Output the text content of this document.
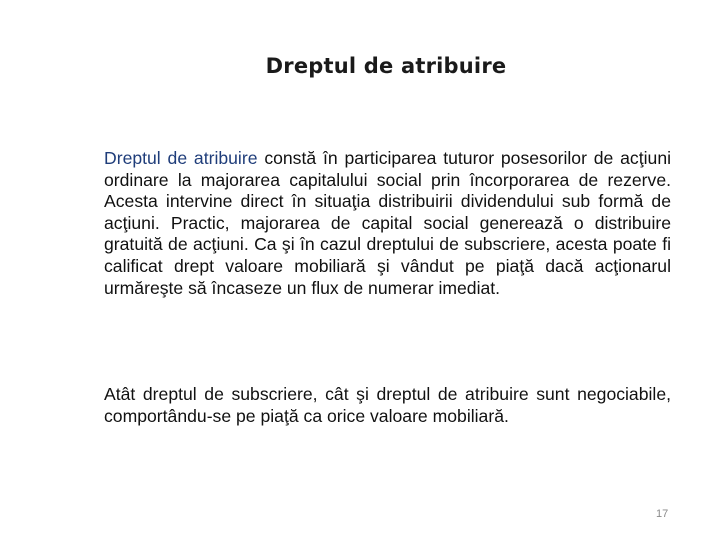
Dreptul de atribuire
Dreptul de atribuire constă în participarea tuturor posesorilor de acţiuni ordinare la majorarea capitalului social prin încorporarea de rezerve. Acesta intervine direct în situaţia distribuirii dividendului sub formă de acţiuni. Practic, majorarea de capital social generează o distribuire gratuită de acţiuni. Ca şi în cazul dreptului de subscriere, acesta poate fi calificat drept valoare mobiliară şi vândut pe piaţă dacă acţionarul urmăreşte să încaseze un flux de numerar imediat.
Atât dreptul de subscriere, cât şi dreptul de atribuire sunt negociabile, comportându-se pe piaţă ca orice valoare mobiliară.
17
